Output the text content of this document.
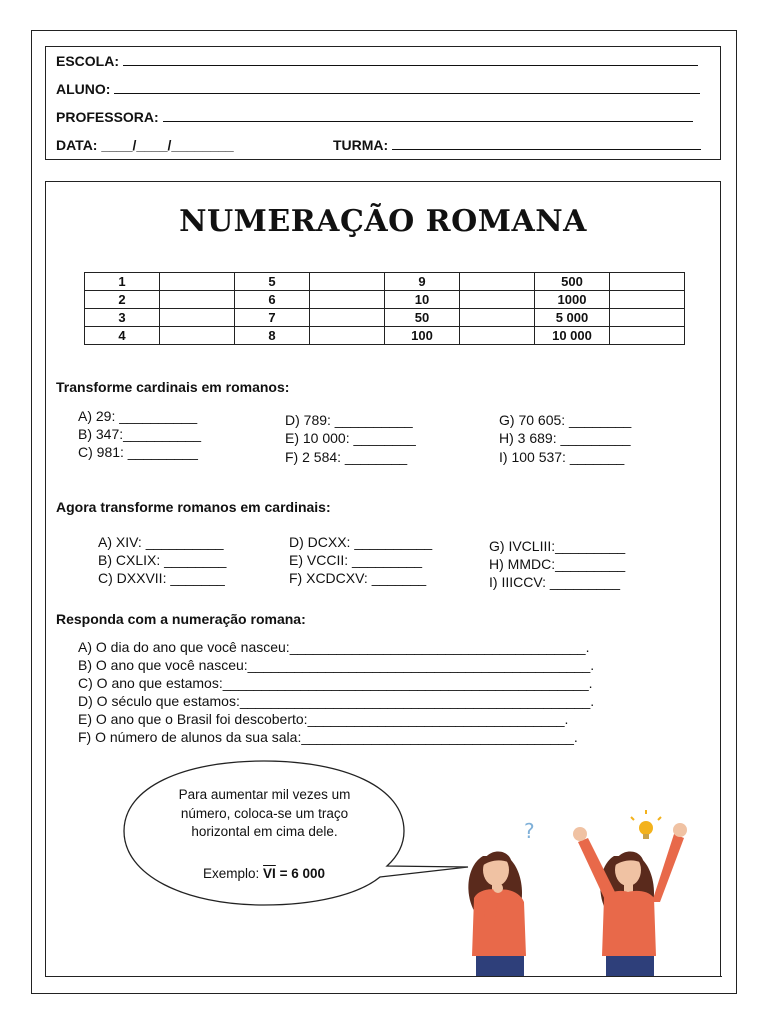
ESCOLA:
ALUNO:
PROFESSORA:
DATA: ____/____/________	TURMA:
NUMERAÇÃO ROMANA
1		5		9		500	
2		6		10		1000	
3		7		50		5 000	
4		8		100		10 000	
Transforme cardinais em romanos:
A) 29: __________
B) 347:__________
C) 981: _________
D) 789: __________
E) 10 000: ________
F) 2 584: ________
G) 70 605: ________
H) 3 689: _________
I) 100 537: _______
Agora transforme romanos em cardinais:
A) XIV: __________
B) CXLIX: ________
C) DXXVII: _______
D) DCXX: __________
E) VCCII: _________
F) XCDCXV: _______
G) IVCLIII:_________
H) MMDC:_________
I) IIICCV: _________
Responda com a numeração romana:
A) O dia do ano que você nasceu:______________________________________.
B) O ano que você nasceu:____________________________________________.
C) O ano que estamos:_______________________________________________.
D) O século que estamos:_____________________________________________.
E) O ano que o Brasil foi descoberto:_________________________________.
F) O número de alunos da sua sala:___________________________________.
Para aumentar mil vezes um número, coloca-se um traço horizontal em cima dele.
Exemplo: $\overline{VI} = 6$ 000
?
